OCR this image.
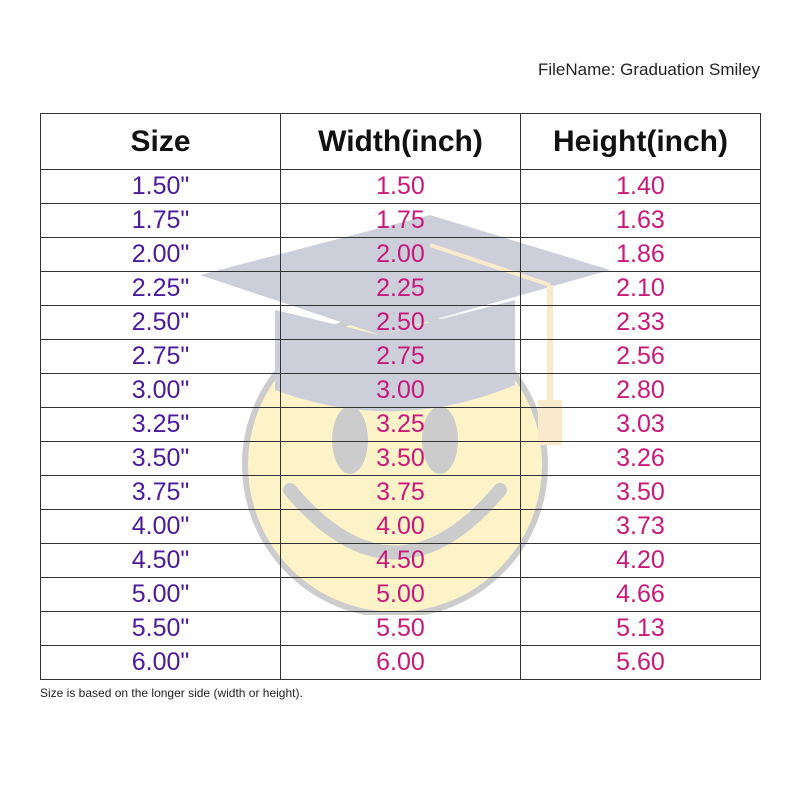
FileName: Graduation Smiley
Size	Width(inch)	Height(inch)
1.50"	1.50	1.40
1.75"	1.75	1.63
2.00"	2.00	1.86
2.25"	2.25	2.10
2.50"	2.50	2.33
2.75"	2.75	2.56
3.00"	3.00	2.80
3.25"	3.25	3.03
3.50"	3.50	3.26
3.75"	3.75	3.50
4.00"	4.00	3.73
4.50"	4.50	4.20
5.00"	5.00	4.66
5.50"	5.50	5.13
6.00"	6.00	5.60
Size is based on the longer side (width or height).
